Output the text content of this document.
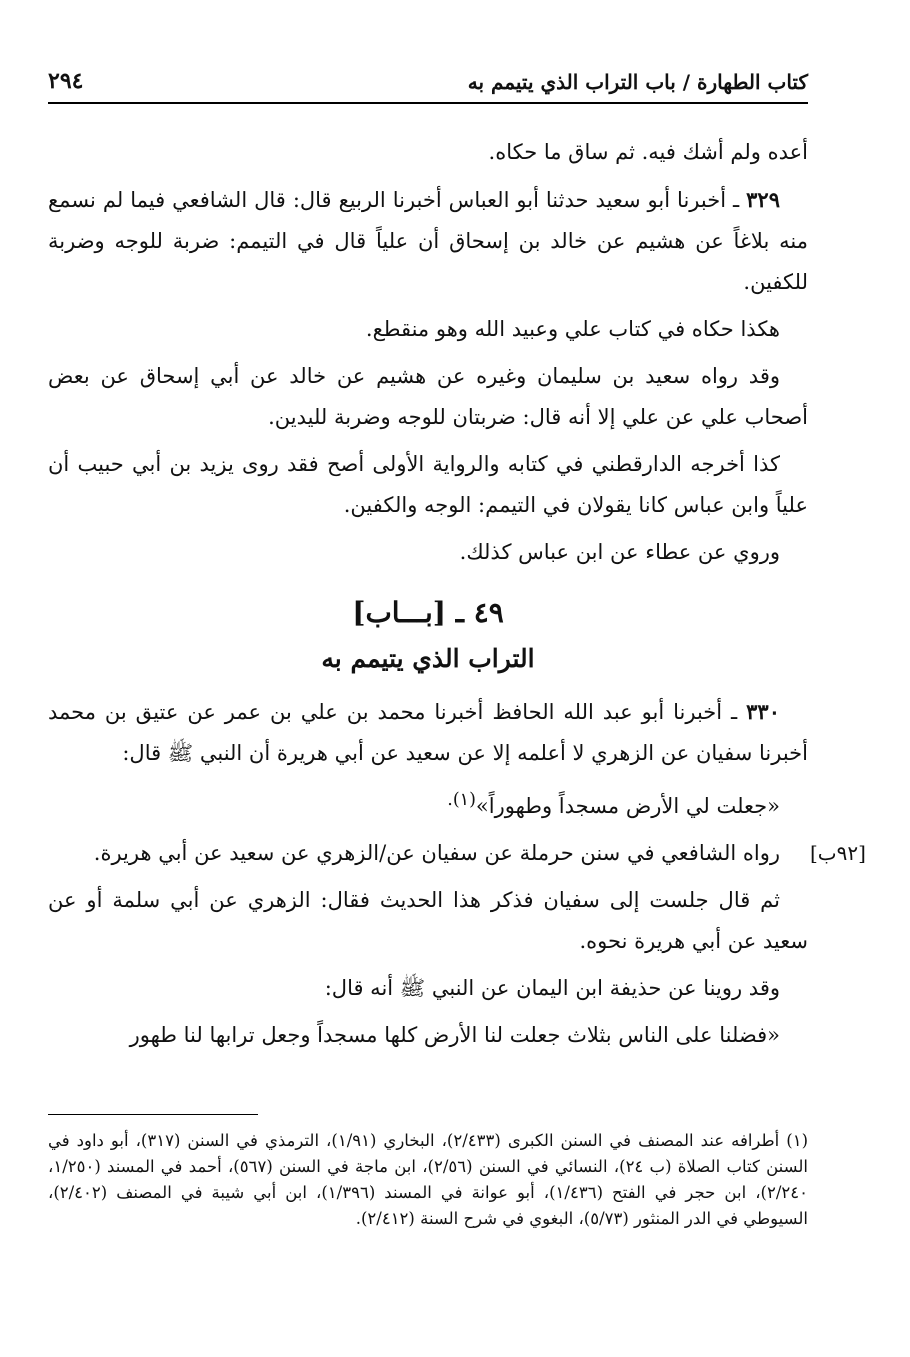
كتاب الطهارة / باب التراب الذي يتيمم به
٢٩٤

أعده ولم أشك فيه. ثم ساق ما حكاه.

٣٢٩ ـ أخبرنا أبو سعيد حدثنا أبو العباس أخبرنا الربيع قال: قال الشافعي فيما لم نسمع منه بلاغاً عن هشيم عن خالد بن إسحاق أن علياً قال في التيمم: ضربة للوجه وضربة للكفين.

هكذا حكاه في كتاب علي وعبيد الله وهو منقطع.

وقد رواه سعيد بن سليمان وغيره عن هشيم عن خالد عن أبي إسحاق عن بعض أصحاب علي عن علي إلا أنه قال: ضربتان للوجه وضربة لليدين.

كذا أخرجه الدارقطني في كتابه والرواية الأولى أصح فقد روى يزيد بن أبي حبيب أن علياً وابن عباس كانا يقولان في التيمم: الوجه والكفين.

وروي عن عطاء عن ابن عباس كذلك.

٤٩ ـ [بـــاب]
التراب الذي يتيمم به

٣٣٠ ـ أخبرنا أبو عبد الله الحافظ أخبرنا محمد بن علي بن عمر عن عتيق بن محمد أخبرنا سفيان عن الزهري لا أعلمه إلا عن سعيد عن أبي هريرة أن النبي ﷺ قال:

«جعلت لي الأرض مسجداً وطهوراً»$^{(١).}$

رواه الشافعي في سنن حرملة عن سفيان عن/الزهري عن سعيد عن أبي هريرة. [٩٢ب]

ثم قال جلست إلى سفيان فذكر هذا الحديث فقال: الزهري عن أبي سلمة أو عن سعيد عن أبي هريرة نحوه.

وقد روينا عن حذيفة ابن اليمان عن النبي ﷺ أنه قال:

«فضلنا على الناس بثلاث جعلت لنا الأرض كلها مسجداً وجعل ترابها لنا طهور

(١) أطرافه عند المصنف في السنن الكبرى (٢/٤٣٣)، البخاري (١/٩١)، الترمذي في السنن (٣١٧)، أبو داود في السنن كتاب الصلاة (ب ٢٤)، النسائي في السنن (٢/٥٦)، ابن ماجة في السنن (٥٦٧)، أحمد في المسند (١/٢٥٠، ٢/٢٤٠)، ابن حجر في الفتح (١/٤٣٦)، أبو عوانة في المسند (١/٣٩٦)، ابن أبي شيبة في المصنف (٢/٤٠٢)، السيوطي في الدر المنثور (٥/٧٣)، البغوي في شرح السنة (٢/٤١٢).
